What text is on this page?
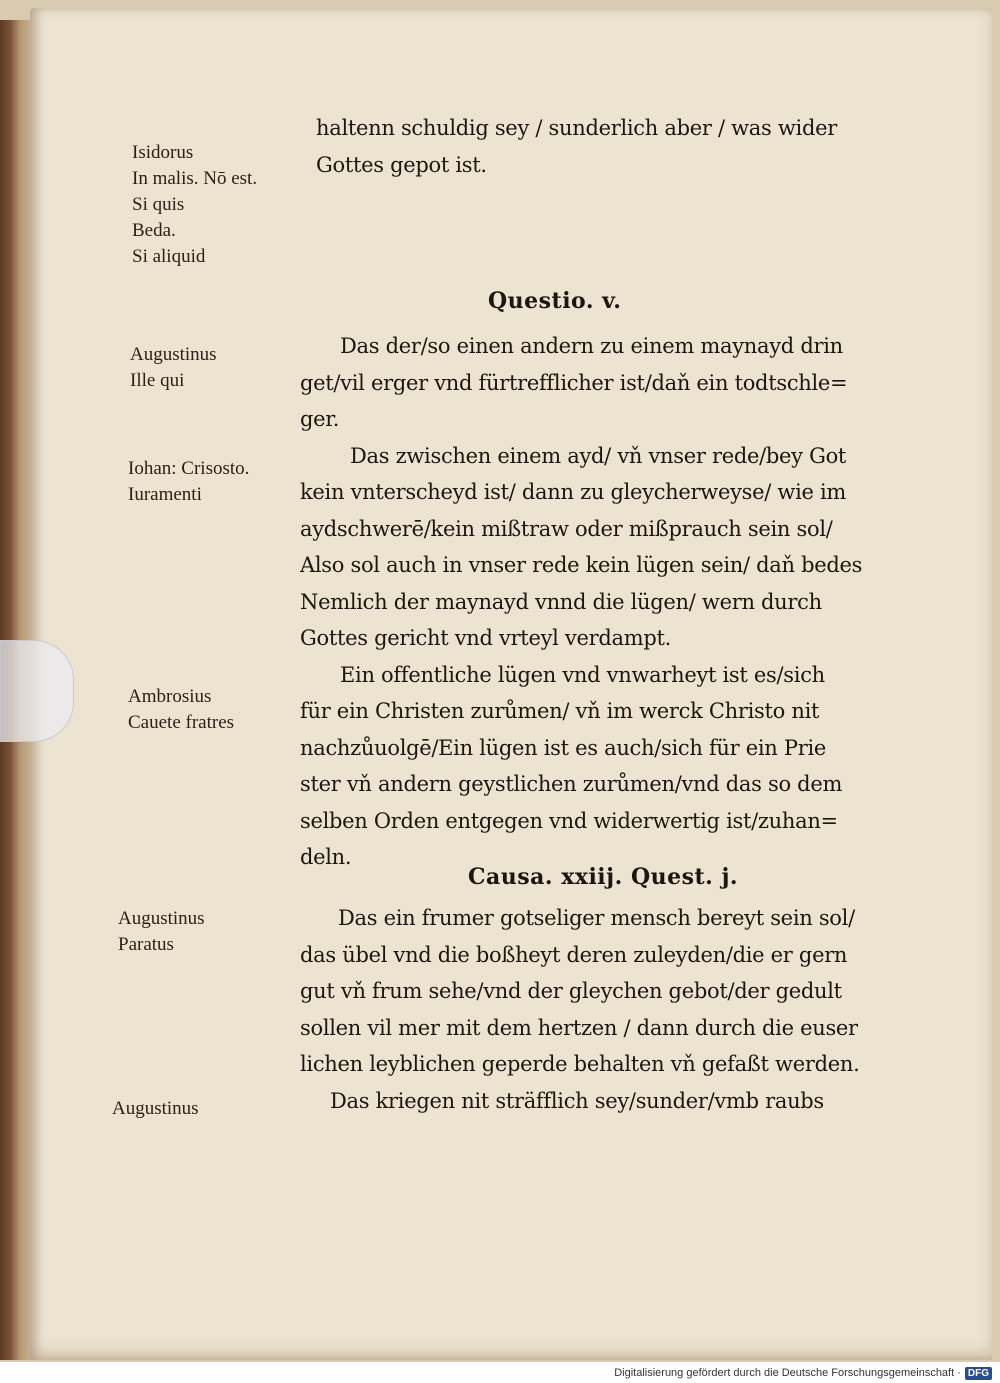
Isidorus
In malis. Nō est.
Si quis
Beda.
Si aliquid
Augustinus
Ille qui
Iohan: Crisosto.
Iuramenti
Ambrosius
Cauete fratres
Augustinus
Paratus
Augustinus
haltenn schuldig sey / sunderlich aber / was wider
Gottes gepot ist.
Questio. v.
Das der/so einen andern zu einem maynayd drin
get/vil erger vnd fürtrefflicher ist/daň ein todtschle=
ger.
Das zwischen einem ayd/ vň vnser rede/bey Got
kein vnterscheyd ist/ dann zu gleycherweyse/ wie im
aydschwerē/kein mißtraw oder mißprauch sein sol/
Also sol auch in vnser rede kein lügen sein/ daň bedes
Nemlich der maynayd vnnd die lügen/ wern durch
Gottes gericht vnd vrteyl verdampt.
Ein offentliche lügen vnd vnwarheyt ist es/sich
für ein Christen zurůmen/ vň im werck Christo nit
nachzůuolgē/Ein lügen ist es auch/sich für ein Prie
ster vň andern geystlichen zurůmen/vnd das so dem
selben Orden entgegen vnd widerwertig ist/zuhan=
deln.
Causa. xxiij. Quest. j.
Das ein frumer gotseliger mensch bereyt sein sol/
das übel vnd die boßheyt deren zuleyden/die er gern
gut vň frum sehe/vnd der gleychen gebot/der gedult
sollen vil mer mit dem hertzen / dann durch die euser
lichen leyblichen geperde behalten vň gefaßt werden.
Das kriegen nit sträfflich sey/sunder/vmb raubs
Digitalisierung gefördert durch die Deutsche Forschungsgemeinschaft · DFG
